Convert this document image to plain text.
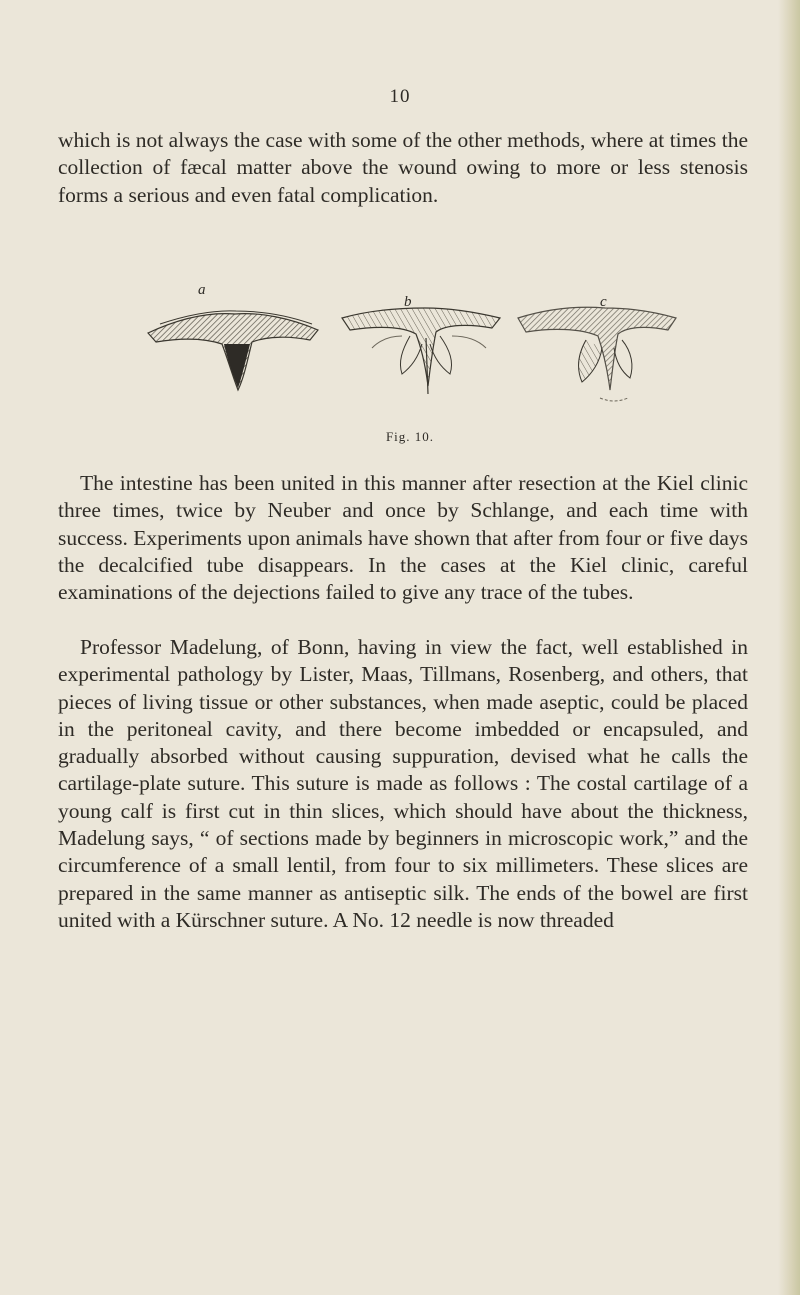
10

which is not always the case with some of the other methods, where at times the collection of fæcal matter above the wound owing to more or less stenosis forms a serious and even fatal complication.

a
b	c
Fig. 10.

The intestine has been united in this manner after resection at the Kiel clinic three times, twice by Neuber and once by Schlange, and each time with success. Experiments upon animals have shown that after from four or five days the decalcified tube disappears. In the cases at the Kiel clinic, careful examinations of the dejections failed to give any trace of the tubes.

Professor Madelung, of Bonn, having in view the fact, well established in experimental pathology by Lister, Maas, Tillmans, Rosenberg, and others, that pieces of living tissue or other substances, when made aseptic, could be placed in the peritoneal cavity, and there become imbedded or encapsuled, and gradually absorbed without causing suppuration, devised what he calls the cartilage-plate suture. This suture is made as follows : The costal cartilage of a young calf is first cut in thin slices, which should have about the thickness, Madelung says, “ of sections made by beginners in microscopic work,” and the circumference of a small lentil, from four to six millimeters. These slices are prepared in the same manner as antiseptic silk. The ends of the bowel are first united with a Kürschner suture. A No. 12 needle is now threaded
